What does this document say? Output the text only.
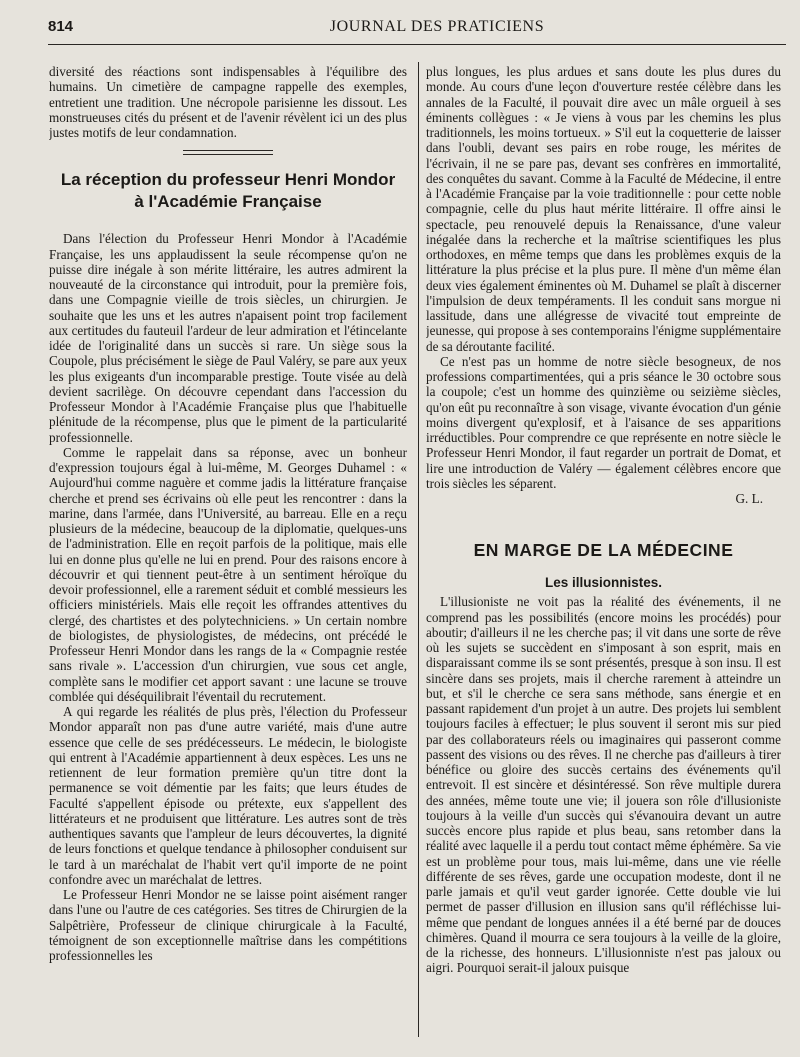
814	JOURNAL DES PRATICIENS

diversité des réactions sont indispensables à l'équilibre des humains. Un cimetière de campagne rappelle des exemples, entretient une tradition. Une nécropole parisienne les dissout. Les monstrueuses cités du présent et de l'avenir révèlent ici un des plus justes motifs de leur condamnation.

La réception du professeur Henri Mondor
à l'Académie Française

Dans l'élection du Professeur Henri Mondor à l'Académie Française, les uns applaudissent la seule récompense qu'on ne puisse dire inégale à son mérite littéraire, les autres admirent la nouveauté de la circonstance qui introduit, pour la première fois, dans une Compagnie vieille de trois siècles, un chirurgien. Je souhaite que les uns et les autres n'apaisent point trop facilement aux certitudes du fauteuil l'ardeur de leur admiration et l'étincelante idée de l'originalité dans un succès si rare. Un siège sous la Coupole, plus précisément le siège de Paul Valéry, se pare aux yeux les plus exigeants d'un incomparable prestige. Toute visée au delà devient sacrilège. On découvre cependant dans l'accession du Professeur Mondor à l'Académie Française plus que l'habituelle plénitude de la récompense, plus que le piment de la particularité professionnelle.

Comme le rappelait dans sa réponse, avec un bonheur d'expression toujours égal à lui-même, M. Georges Duhamel : « Aujourd'hui comme naguère et comme jadis la littérature française cherche et prend ses écrivains où elle peut les rencontrer : dans la marine, dans l'armée, dans l'Université, au barreau. Elle en a reçu plusieurs de la médecine, beaucoup de la diplomatie, quelques-uns de l'administration. Elle en reçoit parfois de la politique, mais elle lui en donne plus qu'elle ne lui en prend. Pour des raisons encore à découvrir et qui tiennent peut-être à un sentiment héroïque du devoir professionnel, elle a rarement séduit et comblé messieurs les officiers ministériels. Mais elle reçoit les offrandes attentives du clergé, des chartistes et des polytechniciens. » Un certain nombre de biologistes, de physiologistes, de médecins, ont précédé le Professeur Henri Mondor dans les rangs de la « Compagnie restée sans rivale ». L'accession d'un chirurgien, vue sous cet angle, complète sans le modifier cet apport savant : une lacune se trouve comblée qui déséquilibrait l'éventail du recrutement.

A qui regarde les réalités de plus près, l'élection du Professeur Mondor apparaît non pas d'une autre variété, mais d'une autre essence que celle de ses prédécesseurs. Le médecin, le biologiste qui entrent à l'Académie appartiennent à deux espèces. Les uns ne retiennent de leur formation première qu'un titre dont la permanence se voit démentie par les faits; que leurs études de Faculté s'appellent épisode ou prétexte, eux s'appellent des littérateurs et ne produisent que littérature. Les autres sont de très authentiques savants que l'ampleur de leurs découvertes, la dignité de leurs fonctions et quelque tendance à philosopher conduisent sur le tard à un maréchalat de l'habit vert qu'il importe de ne point confondre avec un maréchalat de lettres.

Le Professeur Henri Mondor ne se laisse point aisément ranger dans l'une ou l'autre de ces catégories. Ses titres de Chirurgien de la Salpêtrière, Professeur de clinique chirurgicale à la Faculté, témoignent de son exceptionnelle maîtrise dans les compétitions professionnelles les

plus longues, les plus ardues et sans doute les plus dures du monde. Au cours d'une leçon d'ouverture restée célèbre dans les annales de la Faculté, il pouvait dire avec un mâle orgueil à ses éminents collègues : « Je viens à vous par les chemins les plus traditionnels, les moins tortueux. » S'il eut la coquetterie de laisser dans l'oubli, devant ses pairs en robe rouge, les mérites de l'écrivain, il ne se pare pas, devant ses confrères en immortalité, des conquêtes du savant. Comme à la Faculté de Médecine, il entre à l'Académie Française par la voie traditionnelle : pour cette noble compagnie, celle du plus haut mérite littéraire. Il offre ainsi le spectacle, peu renouvelé depuis la Renaissance, d'une valeur inégalée dans la recherche et la maîtrise scientifiques les plus orthodoxes, en même temps que dans les problèmes exquis de la littérature la plus précise et la plus pure. Il mène d'un même élan deux vies également éminentes où M. Duhamel se plaît à discerner l'impulsion de deux tempéraments. Il les conduit sans morgue ni lassitude, dans une allégresse de vivacité tout empreinte de jeunesse, qui propose à ses contemporains l'énigme supplémentaire de sa déroutante facilité.

Ce n'est pas un homme de notre siècle besogneux, de nos professions compartimentées, qui a pris séance le 30 octobre sous la coupole; c'est un homme des quinzième ou seizième siècles, qu'on eût pu reconnaître à son visage, vivante évocation d'un génie moins divergent qu'explosif, et à l'aisance de ses apparitions irréductibles. Pour comprendre ce que représente en notre siècle le Professeur Henri Mondor, il faut regarder un portrait de Domat, et lire une introduction de Valéry — également célèbres encore que trois siècles les séparent.

G. L.

EN MARGE DE LA MÉDECINE
Les illusionnistes.

L'illusioniste ne voit pas la réalité des événements, il ne comprend pas les possibilités (encore moins les procédés) pour aboutir; d'ailleurs il ne les cherche pas; il vit dans une sorte de rêve où les sujets se succèdent en s'imposant à son esprit, mais en disparaissant comme ils se sont présentés, presque à son insu. Il est sincère dans ses projets, mais il cherche rarement à atteindre un but, et s'il le cherche ce sera sans méthode, sans énergie et en passant rapidement d'un projet à un autre. Des projets lui semblent toujours faciles à effectuer; le plus souvent il seront mis sur pied par des collaborateurs réels ou imaginaires qui passeront comme passent des visions ou des rêves. Il ne cherche pas d'ailleurs à tirer bénéfice ou gloire des succès certains des événements qu'il entrevoit. Il est sincère et désintéressé. Son rêve multiple durera des années, même toute une vie; il jouera son rôle d'illusioniste toujours à la veille d'un succès qui s'évanouira devant un autre succès encore plus rapide et plus beau, sans retomber dans la réalité avec laquelle il a perdu tout contact même éphémère. Sa vie est un problème pour tous, mais lui-même, dans une vie réelle différente de ses rêves, garde une occupation modeste, dont il ne parle jamais et qu'il veut garder ignorée. Cette double vie lui permet de passer d'illusion en illusion sans qu'il réfléchisse lui-même que pendant de longues années il a été berné par de douces chimères. Quand il mourra ce sera toujours à la veille de la gloire, de la richesse, des honneurs. L'illusionniste n'est pas jaloux ou aigri. Pourquoi serait-il jaloux puisque
